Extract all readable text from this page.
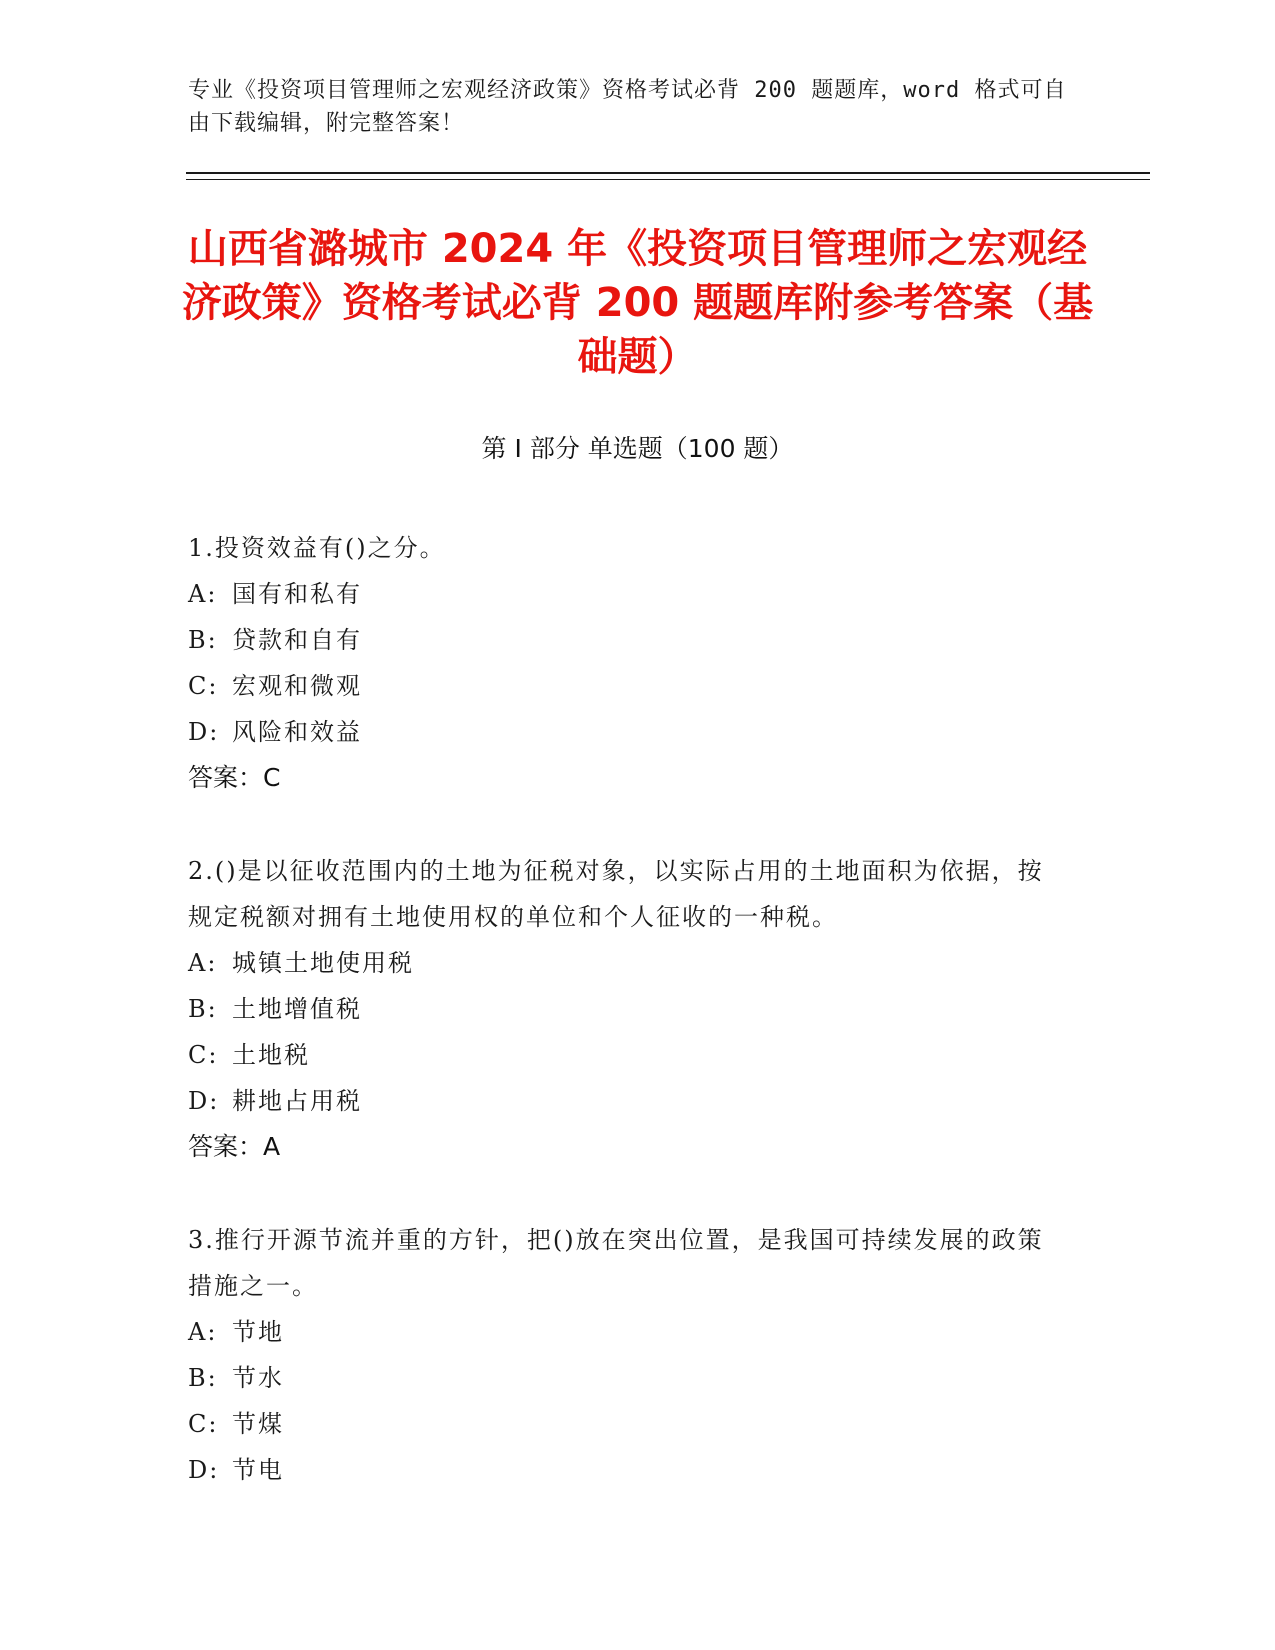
专业《投资项目管理师之宏观经济政策》资格考试必背 200 题题库，word 格式可自由下载编辑，附完整答案！
山西省潞城市 2024 年《投资项目管理师之宏观经济政策》资格考试必背 200 题题库附参考答案（基础题）
第 I 部分 单选题（100 题）
1.投资效益有()之分。
A: 国有和私有
B: 贷款和自有
C: 宏观和微观
D: 风险和效益
答案：C
2.()是以征收范围内的土地为征税对象，以实际占用的土地面积为依据，按规定税额对拥有土地使用权的单位和个人征收的一种税。
A: 城镇土地使用税
B: 土地增值税
C: 土地税
D: 耕地占用税
答案：A
3.推行开源节流并重的方针，把()放在突出位置，是我国可持续发展的政策措施之一。
A: 节地
B: 节水
C: 节煤
D: 节电
